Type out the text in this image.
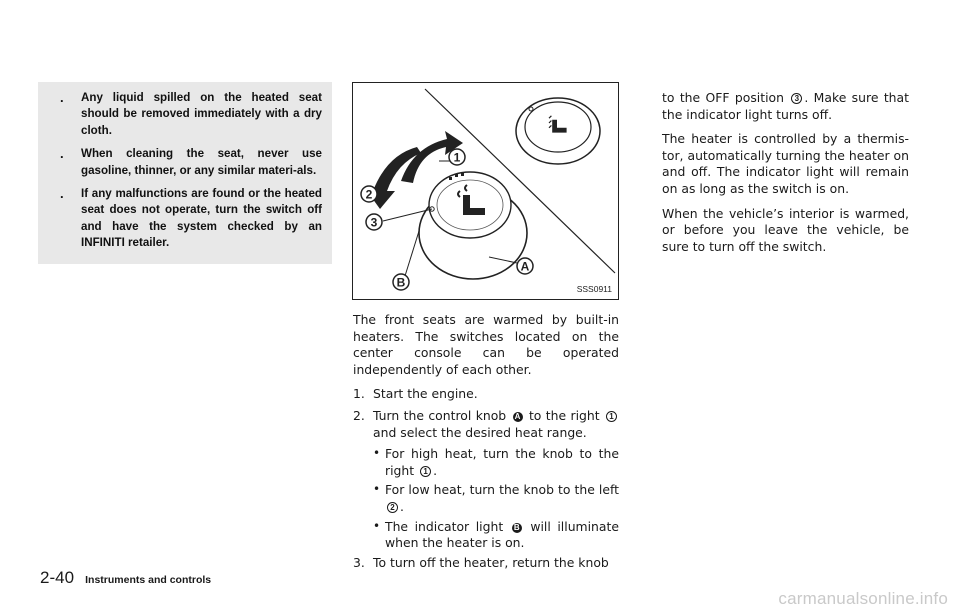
. Any liquid spilled on the heated seat should be removed immediately with a dry cloth.
. When cleaning the seat, never use gasoline, thinner, or any similar materi-als.
. If any malfunctions are found or the heated seat does not operate, turn the switch off and have the system checked by an INFINITI retailer.
1
2
3
B
A
SSS0911

The front seats are warmed by built-in heaters. The switches located on the center console can be operated independently of each other.

1. Start the engine.
2. Turn the control knob A to the right 1 and select the desired heat range.
• For high heat, turn the knob to the right 1 .
• For low heat, turn the knob to the left 2 .
• The indicator light B will illuminate when the heater is on.
3. To turn off the heater, return the knob

to the OFF position 3 . Make sure that the indicator light turns off.

The heater is controlled by a thermis-tor, automatically turning the heater on and off. The indicator light will remain on as long as the switch is on.

When the vehicle’s interior is warmed, or before you leave the vehicle, be sure to turn off the switch.

2-40 Instruments and controls
carmanualsonline.info
